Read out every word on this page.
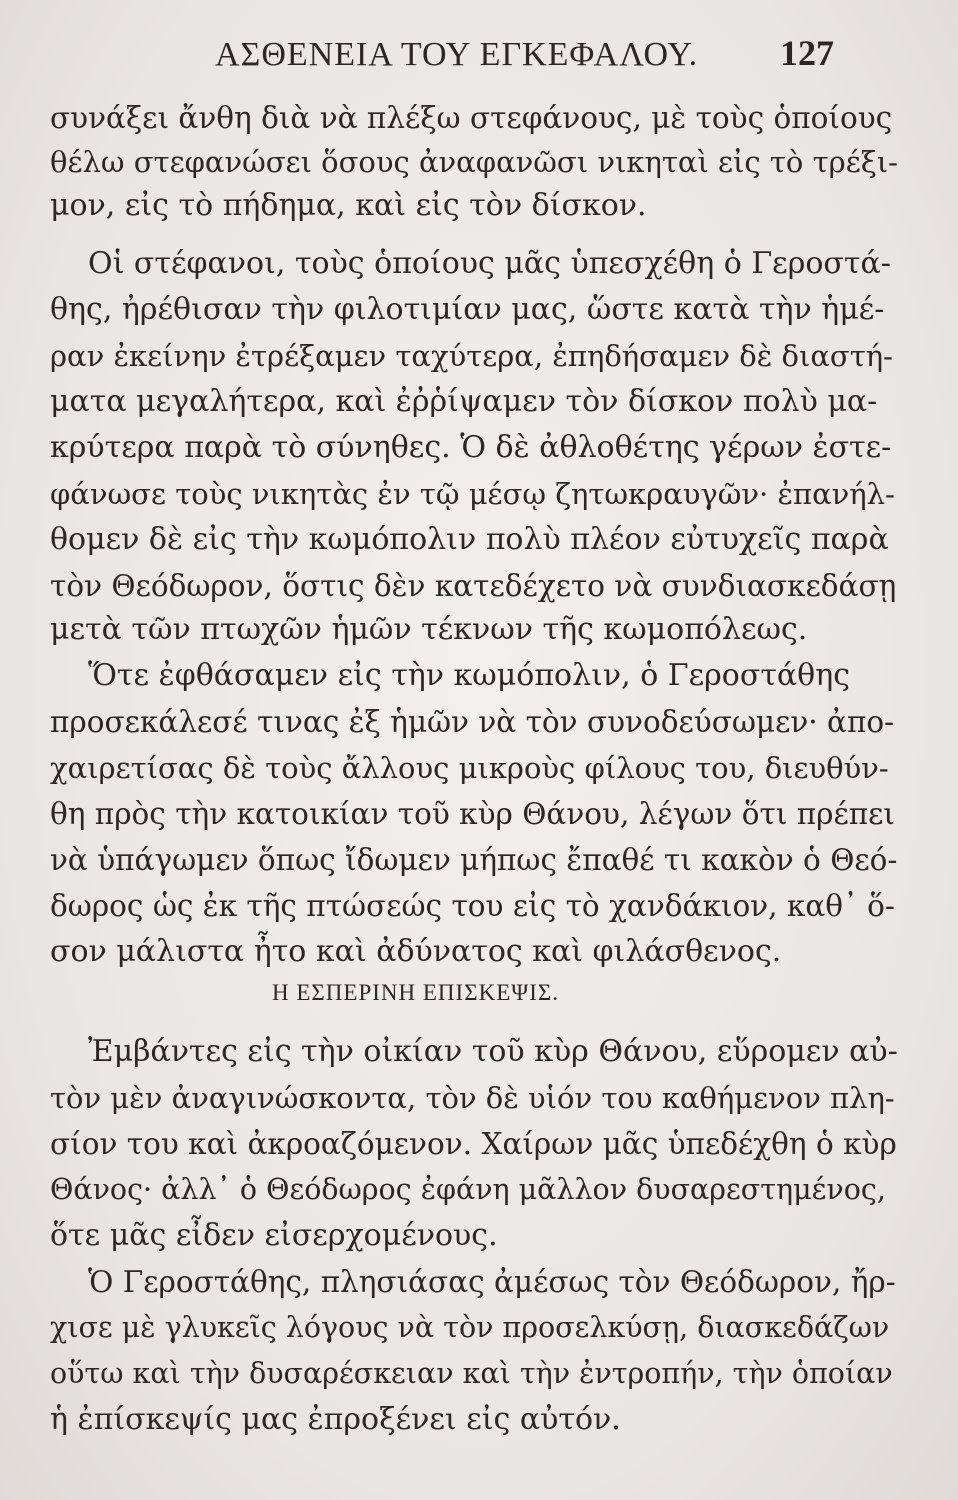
ΑΣΘΕΝΕΙΑ ΤΟΥ ΕΓΚΕΦΑΛΟΥ. 127
συνάξει ἄνθη διὰ νὰ πλέξω στεφάνους, μὲ τοὺς ὁποίους
θέλω στεφανώσει ὅσους ἀναφανῶσι νικηταὶ εἰς τὸ τρέξι-
μον, εἰς τὸ πήδημα, καὶ εἰς τὸν δίσκον.
Οἱ στέφανοι, τοὺς ὁποίους μᾶς ὑπεσχέθη ὁ Γεροστά-
θης, ἠρέθισαν τὴν φιλοτιμίαν μας, ὥστε κατὰ τὴν ἡμέ-
ραν ἐκείνην ἐτρέξαμεν ταχύτερα, ἐπηδήσαμεν δὲ διαστή-
ματα μεγαλήτερα, καὶ ἐῤῥίψαμεν τὸν δίσκον πολὺ μα-
κρύτερα παρὰ τὸ σύνηθες. Ὁ δὲ ἀθλοθέτης γέρων ἐστε-
φάνωσε τοὺς νικητὰς ἐν τῷ μέσῳ ζητωκραυγῶν· ἐπανήλ-
θομεν δὲ εἰς τὴν κωμόπολιν πολὺ πλέον εὐτυχεῖς παρὰ
τὸν Θεόδωρον, ὅστις δὲν κατεδέχετο νὰ συνδιασκεδάσῃ
μετὰ τῶν πτωχῶν ἡμῶν τέκνων τῆς κωμοπόλεως.
Ὅτε ἐφθάσαμεν εἰς τὴν κωμόπολιν, ὁ Γεροστάθης
προσεκάλεσέ τινας ἐξ ἡμῶν νὰ τὸν συνοδεύσωμεν· ἀπο-
χαιρετίσας δὲ τοὺς ἄλλους μικροὺς φίλους του, διευθύν-
θη πρὸς τὴν κατοικίαν τοῦ κὺρ Θάνου, λέγων ὅτι πρέπει
νὰ ὑπάγωμεν ὅπως ἴδωμεν μήπως ἔπαθέ τι κακὸν ὁ Θεό-
δωρος ὡς ἐκ τῆς πτώσεώς του εἰς τὸ χανδάκιον, καθ᾽ ὅ-
σον μάλιστα ἦτο καὶ ἀδύνατος καὶ φιλάσθενος.
Η ΕΣΠΕΡΙΝΗ ΕΠΙΣΚΕΨΙΣ.
Ἐμβάντες εἰς τὴν οἰκίαν τοῦ κὺρ Θάνου, εὕρομεν αὐ-
τὸν μὲν ἀναγινώσκοντα, τὸν δὲ υἱόν του καθήμενον πλη-
σίον του καὶ ἀκροαζόμενον. Χαίρων μᾶς ὑπεδέχθη ὁ κὺρ
Θάνος· ἀλλ᾽ ὁ Θεόδωρος ἐφάνη μᾶλλον δυσαρεστημένος,
ὅτε μᾶς εἶδεν εἰσερχομένους.
Ὁ Γεροστάθης, πλησιάσας ἀμέσως τὸν Θεόδωρον, ἤρ-
χισε μὲ γλυκεῖς λόγους νὰ τὸν προσελκύσῃ, διασκεδάζων
οὕτω καὶ τὴν δυσαρέσκειαν καὶ τὴν ἐντροπήν, τὴν ὁποίαν
ἡ ἐπίσκεψίς μας ἐπροξένει εἰς αὐτόν.
